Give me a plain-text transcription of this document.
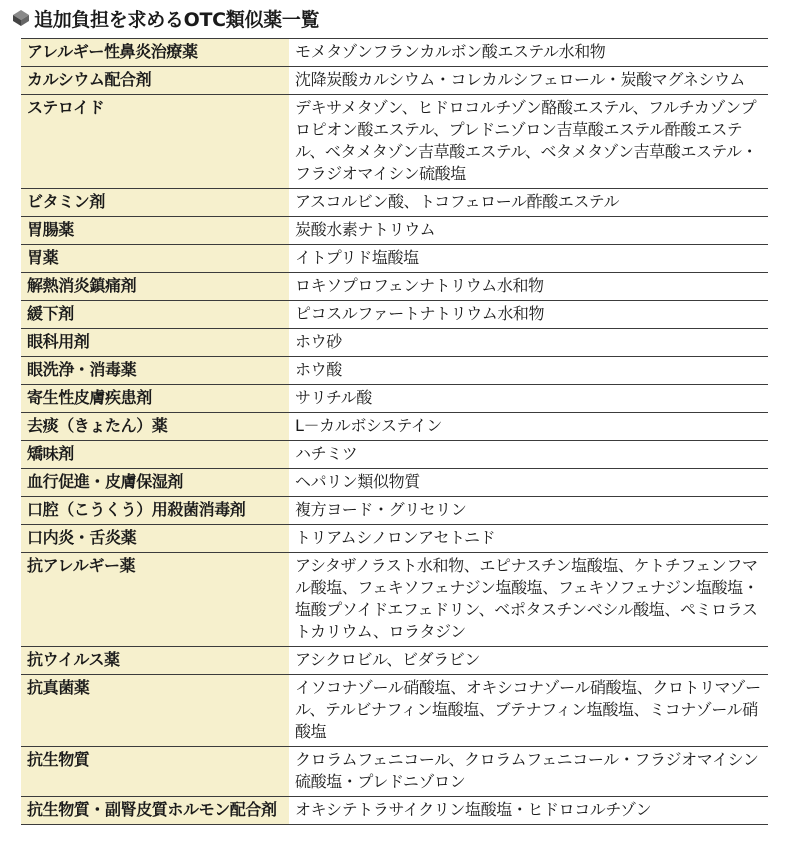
追加負担を求めるOTC類似薬一覧
アレルギー性鼻炎治療薬	モメタゾンフランカルボン酸エステル水和物
カルシウム配合剤	沈降炭酸カルシウム・コレカルシフェロール・炭酸マグネシウム
ステロイド	デキサメタゾン、ヒドロコルチゾン酪酸エステル、フルチカゾンプロピオン酸エステル、プレドニゾロン吉草酸エステル酢酸エステル、ベタメタゾン吉草酸エステル、ベタメタゾン吉草酸エステル・フラジオマイシン硫酸塩
ビタミン剤	アスコルビン酸、トコフェロール酢酸エステル
胃腸薬	炭酸水素ナトリウム
胃薬	イトプリド塩酸塩
解熱消炎鎮痛剤	ロキソプロフェンナトリウム水和物
緩下剤	ピコスルファートナトリウム水和物
眼科用剤	ホウ砂
眼洗浄・消毒薬	ホウ酸
寄生性皮膚疾患剤	サリチル酸
去痰（きょたん）薬	L－カルボシステイン
矯味剤	ハチミツ
血行促進・皮膚保湿剤	ヘパリン類似物質
口腔（こうくう）用殺菌消毒剤	複方ヨード・グリセリン
口内炎・舌炎薬	トリアムシノロンアセトニド
抗アレルギー薬	アシタザノラスト水和物、エピナスチン塩酸塩、ケトチフェンフマル酸塩、フェキソフェナジン塩酸塩、フェキソフェナジン塩酸塩・塩酸プソイドエフェドリン、ベポタスチンベシル酸塩、ペミロラストカリウム、ロラタジン
抗ウイルス薬	アシクロビル、ビダラビン
抗真菌薬	イソコナゾール硝酸塩、オキシコナゾール硝酸塩、クロトリマゾール、テルビナフィン塩酸塩、ブテナフィン塩酸塩、ミコナゾール硝酸塩
抗生物質	クロラムフェニコール、クロラムフェニコール・フラジオマイシン硫酸塩・プレドニゾロン
抗生物質・副腎皮質ホルモン配合剤	オキシテトラサイクリン塩酸塩・ヒドロコルチゾン
